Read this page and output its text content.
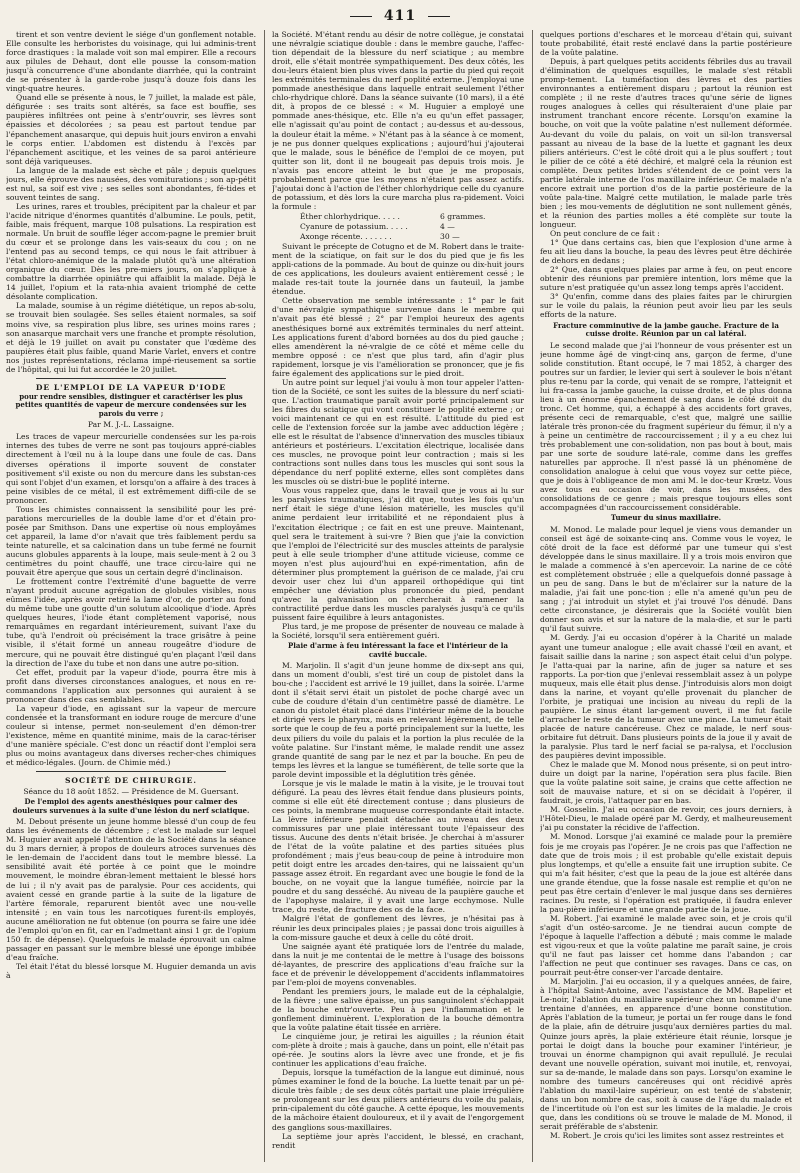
411

tirent et son ventre devient le siége d'un gonflement notable. Elle consulte les herboristes du voisinage, qui lui adminis-trent force drastiques : la malade voit son mal empirer. Elle a recours aux pilules de Dehaut, dont elle pousse la consom-mation jusqu'à concurrence d'une abondante diarrhée, qui la contraint de se présenter à la garde-robe jusqu'à douze fois dans les vingt-quatre heures.

Quand elle se présente à nous, le 7 juillet, la malade est pâle, défigurée : ses traits sont altérés, sa face est bouffie, ses paupières infiltrées ont peine à s'entr'ouvrir, ses lèvres sont épaissies et décolorées ; sa peau est partout tendue par l'épanchement anasarque, qui depuis huit jours environ a envahi le corps entier. L'abdomen est distendu à l'excès par l'épanchement ascitique, et les veines de sa paroi antérieure sont déjà variqueuses.

La langue de la malade est sèche et pâle ; depuis quelques jours, elle éprouve des nausées, des vomiturations ; son ap-pétit est nul, sa soif est vive ; ses selles sont abondantes, fé-tides et souvent teintes de sang.

Les urines, rares et troubles, précipitent par la chaleur et par l'acide nitrique d'énormes quantités d'albumine. Le pouls, petit, faible, mais fréquent, marque 108 pulsations. La respiration est normale. Un bruit de souffle léger accom-pagne le premier bruit du cœur et se prolonge dans les vais-seaux du cou ; on ne l'entend pas au second temps, ce qui nous le fait attribuer à l'état chloro-anémique de la malade plutôt qu'à une altération organique du cœur. Dès les pre-miers jours, on s'applique à combattre la diarrhée opiniâtre qui affaiblit la malade. Déjà le 14 juillet, l'opium et la rata-nhia avaient triomphé de cette désolante complication.

La malade, soumise à un régime diététique, un repos ab-solu, se trouvait bien soulagée. Ses selles étaient normales, sa soif moins vive, sa respiration plus libre, ses urines moins rares ; son anasarque marchait vers une franche et prompte résolution, et déjà le 19 juillet on avait pu constater que l'œdème des paupières était plus faible, quand Marie Varlet, envers et contre nos justes représentations, réclama impé-rieusement sa sortie de l'hôpital, qui lui fut accordée le 20 juillet.

DE L'EMPLOI DE LA VAPEUR D'IODE
pour rendre sensibles, distinguer et caractériser les plus petites quantités de vapeur de mercure condensées sur les parois du verre ;
Par M. J.-L. Lassaigne.

Les traces de vapeur mercurielle condensées sur les pa-rois internes des tubes de verre ne sont pas toujours appré-ciables directement à l'œil nu à la loupe dans une foule de cas. Dans diverses opérations il importe souvent de constater positivement s'il existe ou non du mercure dans les substan-ces qui sont l'objet d'un examen, et lorsqu'on a affaire à des traces à peine visibles de ce métal, il est extrêmement diffi-cile de se prononcer.

Tous les chimistes connaissent la sensibilité pour les pré-parations mercurielles de la double lame d'or et d'étain pro-posée par Smithson. Dans une expertise où nous employâmes cet appareil, la lame d'or n'avait que très faiblement perdu sa teinte naturelle, et sa calcination dans un tube fermé ne fournit aucuns globules apparents à la loupe, mais seule-ment à 2 ou 3 centimètres du point chauffé, une trace circu-laire qui ne pouvait être aperçue que sous un certain degré d'inclinaison.

Le frottement contre l'extrémité d'une baguette de verre n'ayant produit aucune agrégation de globules visibles, nous eûmes l'idée, après avoir retiré la lame d'or, de porter au fond du même tube une goutte d'un solutum alcoolique d'iode. Après quelques heures, l'iode étant complètement vaporisé, nous remarquâmes en regardant intérieurement, suivant l'axe du tube, qu'à l'endroit où précisément la trace grisâtre à peine visible, il s'était formé un anneau rougeâtre d'iodure de mercure, qui ne pouvait être distingué qu'en plaçant l'œil dans la direction de l'axe du tube et non dans une autre po-sition.

Cet effet, produit par la vapeur d'iode, pourra être mis à profit dans diverses circonstances analogues, et nous en re-commandons l'application aux personnes qui auraient à se prononcer dans des cas semblables.

La vapeur d'iode, en agissant sur la vapeur de mercure condensée et la transformant en iodure rouge de mercure d'une couleur si intense, permet non-seulement d'en démon-trer l'existence, même en quantité minime, mais de la carac-tériser d'une manière spéciale. C'est donc un réactif dont l'emploi sera plus ou moins avantageux dans diverses recher-ches chimiques et médico-légales. (Journ. de Chimie méd.)

SOCIÉTÉ DE CHIRURGIE.
Séance du 18 août 1852. — Présidence de M. Guersant.
De l'emploi des agents anesthésiques pour calmer des douleurs survenues à la suite d'une lésion du nerf sciatique.

M. Debout présente un jeune homme blessé d'un coup de feu dans les événements de décembre ; c'est le malade sur lequel M. Huguier avait appelé l'attention de la Société dans la séance du 3 mars dernier, à propos de douleurs atroces survenues dès le len-demain de l'accident dans tout le membre blessé. La sensibilité avait été portée à ce point que le moindre mouvement, le moindre ébran-lement mettaient le blessé hors de lui ; il n'y avait pas de paralysie. Pour ces accidents, qui avaient cessé en grande partie à la suite de la ligature de l'artère fémorale, reparurent bientôt avec une nou-velle intensité ; en vain tous les narcotiques furent-ils employés, aucune amélioration ne fut obtenue (on pourra se faire une idée de l'emploi qu'on en fit, car en l'admettant ainsi 1 gr. de l'opium 150 fr. de dépense). Quelquefois le malade éprouvait un calme passager en passant sur le membre blessé une éponge imbibée d'eau fraîche.

Tel était l'état du blessé lorsque M. Huguier demanda un avis à

la Société. M'étant rendu au désir de notre collègue, je constatai une névralgie sciatique double : dans le membre gauche, l'affec-tion dépendait de la blessure du nerf sciatique ; au membre droit, elle s'était montrée sympathiquement. Des deux côtés, les dou-leurs étaient bien plus vives dans la partie du pied qui reçoit les extrémités terminales du nerf poplité externe. J'employai une pommade anesthésique dans laquelle entrait seulement l'éther chlo-rhydrique chloré. Dans la séance suivante (10 mars), il a été dit, à propos de ce blessé : « M. Huguier a employé une pommade anes-thésique, etc. Elle n'a eu qu'un effet passager, elle n'agissait qu'au point de contact ; au-dessus et au-dessous, la douleur était la même. » N'étant pas à la séance à ce moment, je ne pus donner quelques explications ; aujourd'hui j'ajouterai que le malade, sous le bénéfice de l'emploi de ce moyen, put quitter son lit, dont il ne bougeait pas depuis trois mois. Je n'avais pas encore atteint le but que je me proposais, probablement parce que les moyens n'étaient pas assez actifs. J'ajoutai donc à l'action de l'éther chlorhydrique celle du cyanure de potassium, et dès lors la cure marcha plus ra-pidement. Voici la formule :

Éther chlorhydrique. . . . .	6 grammes.
Cyanure de potassium. . . . .	4 —
Axonge récente. . . . . . .	30 —

Suivant le précepte de Cotugno et de M. Robert dans le traite-ment de la sciatique, on fait sur le dos du pied que je fis les appli-cations de la pommade. Au bout de quinze ou dix-huit jours de ces applications, les douleurs avaient entièrement cessé ; le malade res-tait toute la journée dans un fauteuil, la jambe étendue.

Cette observation me semble intéressante : 1° par le fait d'une névralgie sympathique survenue dans le membre qui n'avait pas été blessé ; 2° par l'emploi heureux des agents anesthésiques borné aux extrémités terminales du nerf atteint. Les applications furent d'abord bornées au dos du pied gauche ; elles amendèrent la né-vralgie de ce côté et même celle du membre opposé : ce n'est que plus tard, afin d'agir plus rapidement, lorsque je vis l'amélioration se prononcer, que je fis faire également des applications sur le pied droit.

Un autre point sur lequel j'ai voulu à mon tour appeler l'atten-tion de la Société, ce sont les suites de la blessure du nerf sciati-que. L'action traumatique paraît avoir porté principalement sur les fibres du sciatique qui vont constituer le poplité externe ; or voici maintenant ce qui en est résulté. L'attitude du pied est celle de l'extension forcée sur la jambe avec adduction légère ; elle est le résultat de l'absence d'innervation des muscles tibiaux antérieurs et postérieurs. L'excitation électrique, localisée dans ces muscles, ne provoque point leur contraction ; mais si les contractions sont nulles dans tous les muscles qui sont sous la dépendance du nerf poplité externe, elles sont complètes dans les muscles où se distri-bue le poplité interne.

Vous vous rappelez que, dans le travail que je vous ai lu sur les paralysies traumatiques, j'ai dit que, toutes les fois qu'un nerf était le siége d'une lésion matérielle, les muscles qu'il anime perdaient leur irritabilité et ne répondaient plus à l'excitation électrique ; ce fait en est une preuve. Maintenant, quel sera le traitement à sui-vre ? Bien que j'aie la conviction que l'emploi de l'électricité sur des muscles atteints de paralysie peut à elle seule triompher d'une attitude vicieuse, comme ce moyen n'est plus aujourd'hui en expé-rimentation, afin de déterminer plus promptement la guérison de ce malade, j'ai cru devoir user chez lui d'un appareil orthopédique qui tint empêcher une déviation plus prononcée du pied, pendant qu'avec la galvanisation on chercherait à ramener la contractilité perdue dans les muscles paralysés jusqu'à ce qu'ils puissent faire équilibre à leurs antagonistes.

Plus tard, je me propose de présenter de nouveau ce malade à la Société, lorsqu'il sera entièrement guéri.

Plaie d'arme à feu intéressant la face et l'intérieur de la cavité buccale.

M. Marjolin. Il s'agit d'un jeune homme de dix-sept ans qui, dans un moment d'oubli, s'est tiré un coup de pistolet dans la bou-che ; l'accident est arrivé le 19 juillet, dans la soirée. L'arme dont il s'était servi était un pistolet de poche chargé avec un cube de coudure d'étain d'un centimètre passé de diamètre. Le canon du pistolet était placé dans l'intérieur même de la bouche et dirigé vers le pharynx, mais en relevant légèrement, de telle sorte que le coup de feu a porté principalement sur la luette, les deux piliers du voile du palais et la portion la plus reculée de la voûte palatine. Sur l'instant même, le malade rendit une assez grande quantité de sang par le nez et par la bouche. En peu de temps les lèvres et la langue se tuméfièrent, de telle sorte que la parole devint impossible et la déglutition très gênée.

Lorsque je vis le malade le matin à la visite, je le trouvai tout défiguré. La peau des lèvres était fendue dans plusieurs points, comme si elle eût été directement contuse ; dans plusieurs de ces points, la membrane muqueuse correspondante était intacte. La lèvre inférieure pendait détachée au niveau des deux commissures par une plaie intéressant toute l'épaisseur des tissus. Aucune des dents n'était brisée. Je cherchai à m'assurer de l'état de la voûte palatine et des parties situées plus profondément ; mais j'eus beau-coup de peine à introduire mon petit doigt entre les arcades den-taires, qui ne laissaient qu'un passage assez étroit. En regardant avec une bougie le fond de la bouche, on ne voyait que la langue tuméfiée, noircie par la poudre et du sang desséché. Au niveau de la paupière gauche et de l'apophyse malaire, il y avait une large ecchymose. Nulle trace, du reste, de fracture des os de la face.

Malgré l'état de gonflement des lèvres, je n'hésitai pas à réunir les deux principales plaies ; je passai donc trois aiguilles à la com-missure gauche et deux à celle du côté droit.

Une saignée ayant été pratiquée lors de l'entrée du malade, dans la nuit je me contentai de le mettre à l'usage des boissons dé-layantes, de prescrire des applications d'eau fraîche sur la face et de prévenir le développement d'accidents inflammatoires par l'em-ploi de moyens convenables.

Pendant les premiers jours, le malade eut de la céphalalgie, de la fièvre ; une salive épaisse, un pus sanguinolent s'échappait de la bouche entr'ouverte. Peu à peu l'inflammation et le gonflement diminuèrent. L'exploration de la bouche démontra que la voûte palatine était tissée en arrière.

Le cinquième jour, je retirai les aiguilles ; la réunion était com-plète à droite ; mais à gauche, dans un point, elle n'était pas opé-rée. Je soutins alors la lèvre avec une fronde, et je fis continuer les applications d'eau fraîche.

Depuis, lorsque la tuméfaction de la langue eut diminué, nous pûmes examiner le fond de la bouche. La luette tenait par un pé-dicule très faible ; de ses deux côtés partait une plaie irrégulière se prolongeant sur les deux piliers antérieurs du voile du palais, prin-cipalement du côté gauche. A cette époque, les mouvements de la mâchoire étaient douloureux, et il y avait de l'engorgement des ganglions sous-maxillaires.

La septième jour après l'accident, le blessé, en crachant, rendit

quelques portions d'eschares et le morceau d'étain qui, suivant toute probabilité, était resté enclavé dans la partie postérieure de la voûte palatine.

Depuis, à part quelques petits accidents fébriles dus au travail d'élimination de quelques esquilles, le malade s'est rétabli promp-tement. La tuméfaction des lèvres et des parties environnantes a entièrement disparu ; partout la réunion est complète ; il ne reste d'autres traces qu'une série de lignes rouges analogues à celles qui résulteraient d'une plaie par instrument tranchant encore récente. Lorsqu'on examine la bouche, on voit que la voûte palatine n'est nullement déformée. Au-devant du voile du palais, on voit un sil-lon transversal passant au niveau de la base de la luette et gagnant les deux piliers antérieurs. C'est le côté droit qui a le plus souffert ; tout le pilier de ce côté a été déchiré, et malgré cela la réunion est complète. Deux petites brides s'étendent de ce point vers la partie latérale interne de l'os maxillaire inférieur. Ce malade n'a encore extrait une portion d'os de la partie postérieure de la voûte pala-tine. Malgré cette mutilation, le malade parle très bien ; les mou-vements de déglutition ne sont nullement gênés, et la réunion des parties molles a été complète sur toute la longueur.

On peut conclure de ce fait :

1° Que dans certains cas, bien que l'explosion d'une arme à feu ait lieu dans la bouche, la peau des lèvres peut être déchirée de dehors en dedans ;

2° Que, dans quelques plaies par arme à feu, on peut encore obtenir des réunions par première intention, lors même que la suture n'est pratiquée qu'un assez long temps après l'accident.

3° Qu'enfin, comme dans des plaies faites par le chirurgien sur le voile du palais, la réunion peut avoir lieu par les seuls efforts de la nature.

Fracture comminutive de la jambe gauche. Fracture de la cuisse droite. Réunion par un cal latéral.

Le second malade que j'ai l'honneur de vous présenter est un jeune homme âgé de vingt-cinq ans, garçon de ferme, d'une solide constitution. Étant occupé, le 7 mai 1852, à charger des poutres sur un fardier, le levier qui sert à soulever le bois n'étant plus re-tenu par la corde, qui venait de se rompre, l'atteignit et lui fra-cassa la jambe gauche, la cuisse droite, et de plus donna lieu à un énorme épanchement de sang dans le côté droit du tronc. Cet homme, qui, a échappé à des accidents fort graves, présente ceci de remarquable, c'est que, malgré une saillie latérale très pronon-cée du fragment supérieur du fémur, il n'y a à peine un centimètre de raccourcissement ; il y a eu chez lui très probablement une con-solidation, non pas bout à bout, mais par une sorte de soudure laté-rale, comme dans les greffes naturelles par approche. Il n'est passé là un phénomène de consolidation analogue à celui que vous voyez sur cette pièce, que je dois à l'obligeance de mon ami M. le doc-teur Krœtz. Vous avez tous eu occasion de voir, dans les musées, des consolidations de ce genre ; mais presque toujours elles sont accompagnées d'un raccourcissement considérable.

Tumeur du sinus maxillaire.

M. Monod. Le malade pour lequel je viens vous demander un conseil est âgé de soixante-cinq ans. Comme vous le voyez, le côté droit de la face est déformé par une tumeur qui s'est développée dans le sinus maxillaire. Il y a trois mois environ que le malade a commencé à s'en apercevoir. La narine de ce côté est complètement obstruée ; elle a quelquefois donné passage à un peu de sang. Dans le but de m'éclairer sur la nature de la maladie, j'ai fait une ponc-tion ; elle n'a amené qu'un peu de sang ; j'ai introduit un stylet et j'ai trouvé l'os dénudé. Dans cette circonstance, je désirerais que la Société voulût bien donner son avis et sur la nature de la mala-die, et sur le parti qu'il faut suivre.

M. Gerdy. J'ai eu occasion d'opérer à la Charité un malade ayant une tumeur analogue ; elle avait chassé l'œil en avant, et faisait saillie dans la narine ; son aspect était celui d'un polype. Je l'atta-quai par la narine, afin de juger sa nature et ses rapports. La por-tion que j'enlevai ressemblait assez à un polype muqueux, mais elle était plus dense. J'introduisis alors mon doigt dans la narine, et voyant qu'elle provenait du plancher de l'orbite, je pratiquai une incision au niveau du repli de la paupière. Le sinus étant lar-gement ouvert, il me fut facile d'arracher le reste de la tumeur avec une pince. La tumeur était placée de nature cancéreuse. Chez ce malade, le nerf sous-orbitaire fut détruit. Dans plusieurs points de la joue il y avait de la paralysie. Plus tard le nerf facial se pa-ralysa, et l'occlusion des paupières devint impossible.

Chez le malade que M. Monod nous présente, si on peut intro-duire un doigt par la narine, l'opération sera plus facile. Bien que la voûte palatine soit saine, je crains que cette affection ne soit de mauvaise nature, et si on se décidait à l'opérer, il faudrait, je crois, l'attaquer par en bas.

M. Gosselin. J'ai eu occasion de revoir, ces jours derniers, à l'Hôtel-Dieu, le malade opéré par M. Gerdy, et malheureusement j'ai pu constater la récidive de l'affection.

M. Monod. Lorsque j'ai examiné ce malade pour la première fois je me croyais pas l'opérer. Je ne crois pas que l'affection ne date que de trois mois ; il est probable qu'elle existait depuis plus longtemps, et qu'elle a ensuite fait une irruption subite. Ce qui m'a fait hésiter, c'est que la peau de la joue est altérée dans une grande étendue, que la fosse nasale est remplie et qu'on ne peut pas être certain d'enlever le mal jusque dans ses dernières racines. Du reste, si l'opération est pratiquée, il faudra enlever la pau-pière inférieure et une grande partie de la joue.

M. Robert. J'ai examiné le malade avec soin, et je crois qu'il s'agit d'un ostéo-sarcome. Je ne tiendrai aucun compte de l'époque à laquelle l'affection a débuté ; mais comme le malade est vigou-reux et que la voûte palatine me paraît saine, je crois qu'il ne faut pas laisser cet homme dans l'abandon ; car l'affection ne peut que continuer ses ravages. Dans ce cas, on pourrait peut-être conser-ver l'arcade dentaire.

M. Marjolin. J'ai eu occasion, il y a quelques années, de faire, à l'hôpital Saint-Antoine, avec l'assistance de MM. Bapelier et Le-noir, l'ablation du maxillaire supérieur chez un homme d'une trentaine d'années, en apparence d'une bonne constitution. Après l'ablation de la tumeur, je portai un fer rouge dans le fond de la plaie, afin de détruire jusqu'aux dernières parties du mal. Quinze jours après, la plaie extérieure était réunie, lorsque je portai le doigt dans la bouche pour examiner l'intérieur, je trouvai un énorme champignon qui avait repullulé. Je reculai devant une nouvelle opération, suivant moi inutile, et, renvoyai, sur sa de-mande, le malade dans son pays. Lorsqu'on examine le nombre des tumeurs cancéreuses qui ont récidivé après l'ablation du maxil-laire supérieur, on est tenté de s'abstenir, dans un bon nombre de cas, soit à cause de l'âge du malade et de l'incertitude où l'on est sur les limites de la maladie. Je crois que, dans les conditions où se trouve le malade de M. Monod, il serait préférable de s'abstenir.

M. Robert. Je crois qu'ici les limites sont assez restreintes et
